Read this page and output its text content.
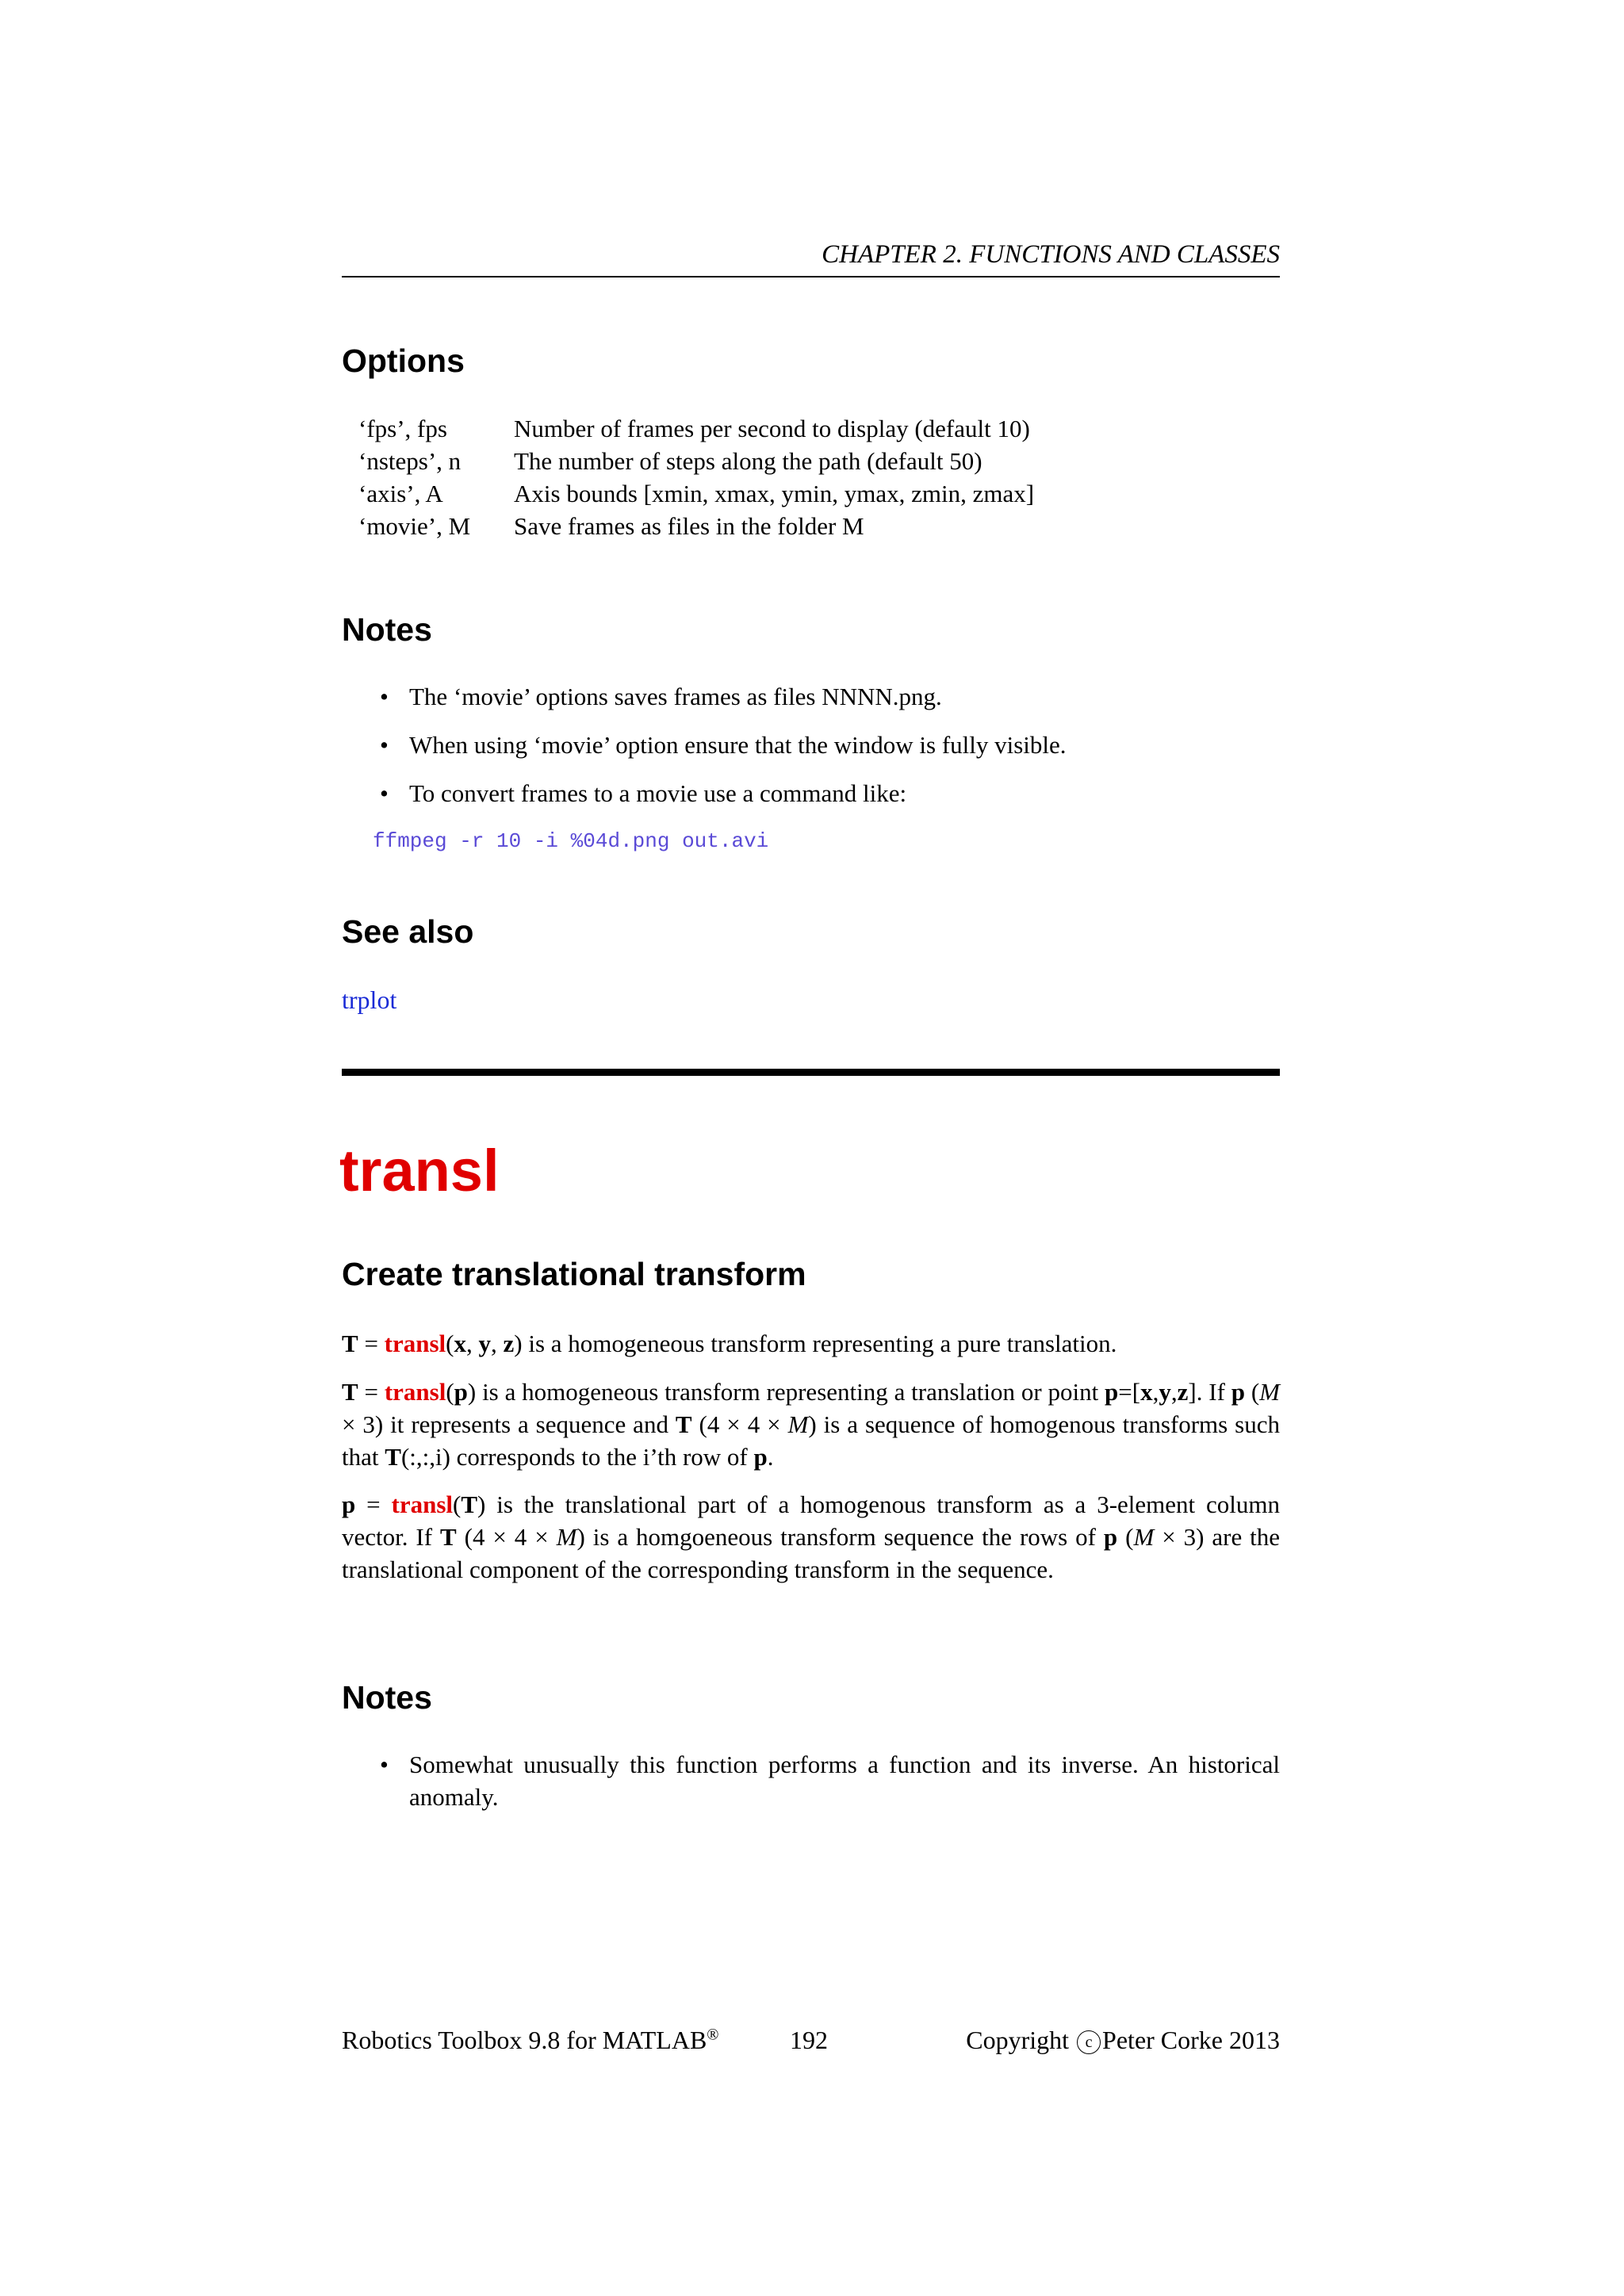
CHAPTER 2. FUNCTIONS AND CLASSES
Options
‘fps’, fps	Number of frames per second to display (default 10)
‘nsteps’, n	The number of steps along the path (default 50)
‘axis’, A	Axis bounds [xmin, xmax, ymin, ymax, zmin, zmax]
‘movie’, M	Save frames as files in the folder M
Notes
• The ‘movie’ options saves frames as files NNNN.png.
• When using ‘movie’ option ensure that the window is fully visible.
• To convert frames to a movie use a command like:
ffmpeg -r 10 -i %04d.png out.avi
See also
trplot
transl
Create translational transform

T = transl(x, y, z) is a homogeneous transform representing a pure translation.

T = transl(p) is a homogeneous transform representing a translation or point p=[x,y,z]. If p (M × 3) it represents a sequence and T (4 × 4 × M) is a sequence of homogenous transforms such that T(:,:,i) corresponds to the i’th row of p.

p = transl(T) is the translational part of a homogenous transform as a 3-element column vector. If T (4 × 4 × M) is a homgoeneous transform sequence the rows of p (M × 3) are the translational component of the corresponding transform in the sequence.

Notes
• Somewhat unusually this function performs a function and its inverse. An historical anomaly.
Robotics Toolbox 9.8 for MATLAB®	192	Copyright c Peter Corke 2013
